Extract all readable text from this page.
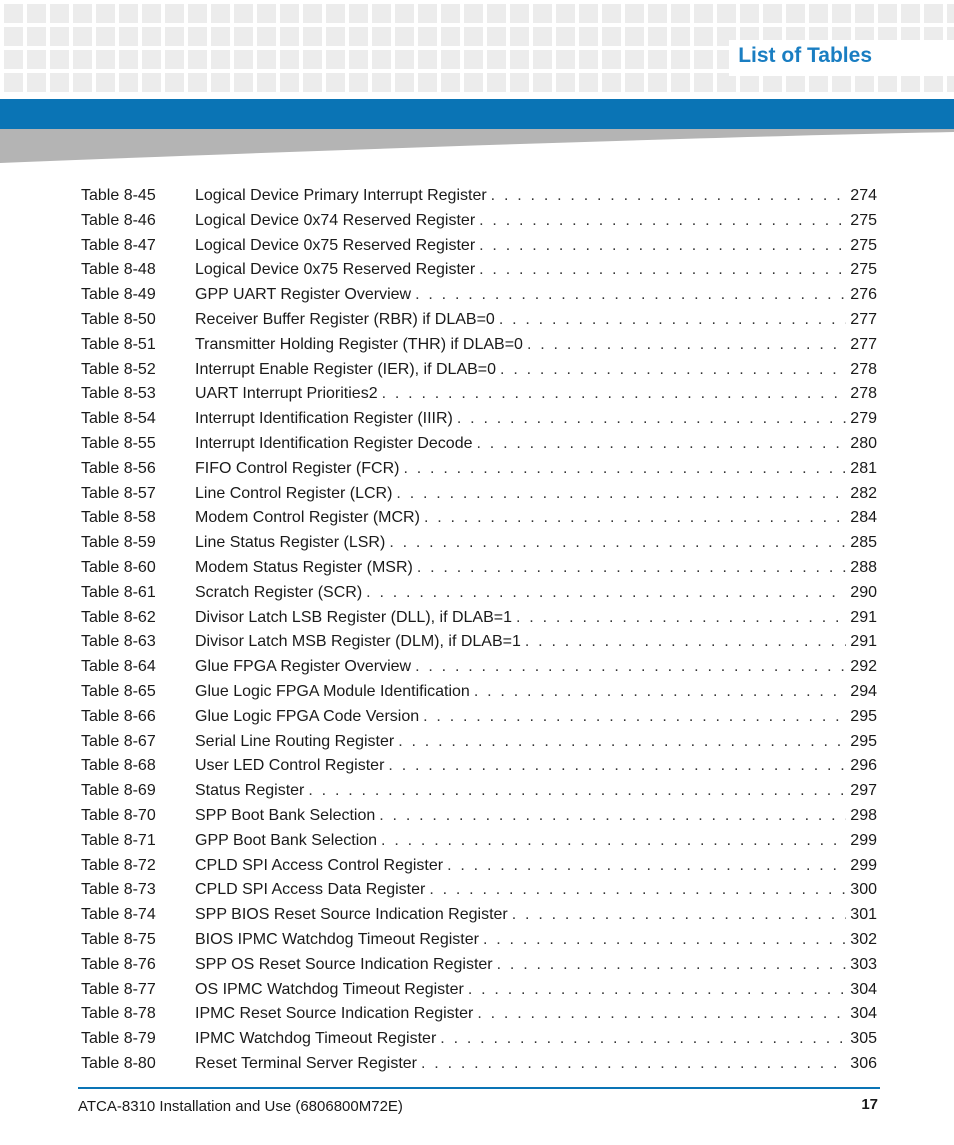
List of Tables
Table 8-45	Logical Device Primary Interrupt Register . . .	274
Table 8-46	Logical Device 0x74 Reserved Register . . .	275
Table 8-47	Logical Device 0x75 Reserved Register . . .	275
Table 8-48	Logical Device 0x75 Reserved Register . . .	275
Table 8-49	GPP UART Register Overview . . .	276
Table 8-50	Receiver Buffer Register (RBR) if DLAB=0 . . .	277
Table 8-51	Transmitter Holding Register (THR) if DLAB=0 . . .	277
Table 8-52	Interrupt Enable Register (IER), if DLAB=0 . . .	278
Table 8-53	UART Interrupt Priorities2 . . .	278
Table 8-54	Interrupt Identification Register (IIIR) . . .	279
Table 8-55	Interrupt Identification Register Decode . . .	280
Table 8-56	FIFO Control Register (FCR) . . .	281
Table 8-57	Line Control Register (LCR) . . .	282
Table 8-58	Modem Control Register (MCR) . . .	284
Table 8-59	Line Status Register (LSR) . . .	285
Table 8-60	Modem Status Register (MSR) . . .	288
Table 8-61	Scratch Register (SCR) . . .	290
Table 8-62	Divisor Latch LSB Register (DLL), if DLAB=1 . . .	291
Table 8-63	Divisor Latch MSB Register (DLM), if DLAB=1 . . .	291
Table 8-64	Glue FPGA Register Overview . . .	292
Table 8-65	Glue Logic FPGA Module Identification . . .	294
Table 8-66	Glue Logic FPGA Code Version . . .	295
Table 8-67	Serial Line Routing Register . . .	295
Table 8-68	User LED Control Register . . .	296
Table 8-69	Status Register . . .	297
Table 8-70	SPP Boot Bank Selection . . .	298
Table 8-71	GPP Boot Bank Selection . . .	299
Table 8-72	CPLD SPI Access Control Register . . .	299
Table 8-73	CPLD SPI Access Data Register . . .	300
Table 8-74	SPP BIOS Reset Source Indication Register . . .	301
Table 8-75	BIOS IPMC Watchdog Timeout Register . . .	302
Table 8-76	SPP OS Reset Source Indication Register . . .	303
Table 8-77	OS IPMC Watchdog Timeout Register . . .	304
Table 8-78	IPMC Reset Source Indication Register . . .	304
Table 8-79	IPMC Watchdog Timeout Register . . .	305
Table 8-80	Reset Terminal Server Register . . .	306
ATCA-8310 Installation and Use (6806800M72E)	17
